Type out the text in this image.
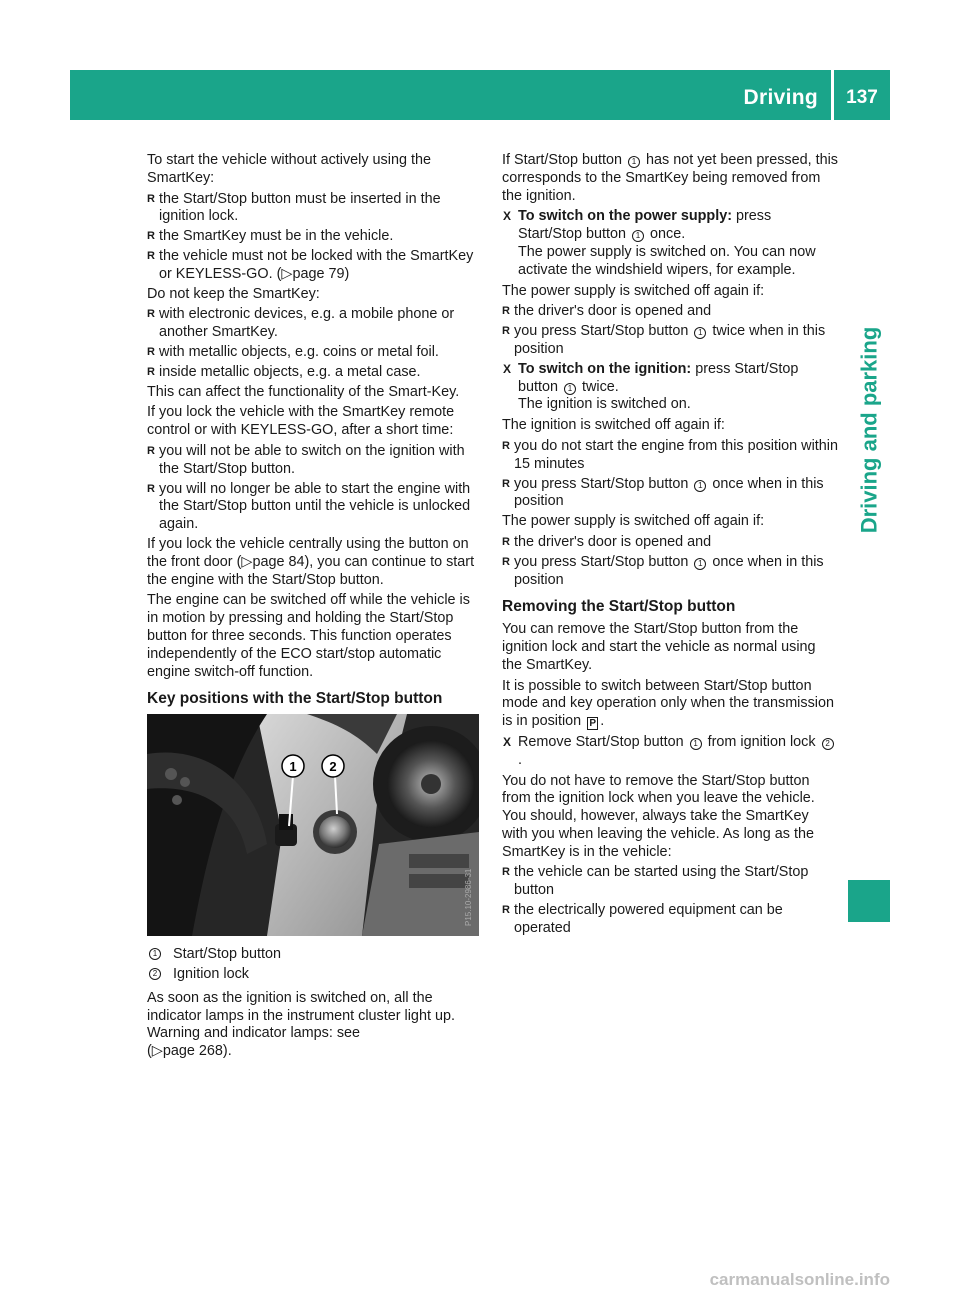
Driving	137
Driving and parking
To start the vehicle without actively using the SmartKey:
R the Start/Stop button must be inserted in the ignition lock.
R the SmartKey must be in the vehicle.
R the vehicle must not be locked with the SmartKey or KEYLESS-GO. (▷page 79)
Do not keep the SmartKey:
R with electronic devices, e.g. a mobile phone or another SmartKey.
R with metallic objects, e.g. coins or metal foil.
R inside metallic objects, e.g. a metal case.
This can affect the functionality of the Smart-Key.
If you lock the vehicle with the SmartKey remote control or with KEYLESS-GO, after a short time:
R you will not be able to switch on the ignition with the Start/Stop button.
R you will no longer be able to start the engine with the Start/Stop button until the vehicle is unlocked again.
If you lock the vehicle centrally using the button on the front door (▷page 84), you can continue to start the engine with the Start/Stop button.
The engine can be switched off while the vehicle is in motion by pressing and holding the Start/Stop button for three seconds. This function operates independently of the ECO start/stop automatic engine switch-off function.
Key positions with the Start/Stop button
1	2
P15.10-2986-31
1 Start/Stop button
2 Ignition lock
As soon as the ignition is switched on, all the indicator lamps in the instrument cluster light up. Warning and indicator lamps: see
(▷page 268).
If Start/Stop button 1 has not yet been pressed, this corresponds to the SmartKey being removed from the ignition.
X To switch on the power supply: press Start/Stop button 1 once.
The power supply is switched on. You can now activate the windshield wipers, for example.
The power supply is switched off again if:
R the driver's door is opened and
R you press Start/Stop button 1 twice when in this position
X To switch on the ignition: press Start/Stop button 1 twice.
The ignition is switched on.
The ignition is switched off again if:
R you do not start the engine from this position within 15 minutes
R you press Start/Stop button 1 once when in this position
The power supply is switched off again if:
R the driver's door is opened and
R you press Start/Stop button 1 once when in this position
Removing the Start/Stop button
You can remove the Start/Stop button from the ignition lock and start the vehicle as normal using the SmartKey.
It is possible to switch between Start/Stop button mode and key operation only when the transmission is in position P .
X Remove Start/Stop button 1 from ignition lock 2.
You do not have to remove the Start/Stop button from the ignition lock when you leave the vehicle. You should, however, always take the SmartKey with you when leaving the vehicle. As long as the SmartKey is in the vehicle:
R the vehicle can be started using the Start/Stop button
R the electrically powered equipment can be operated
carmanualsonline.info
